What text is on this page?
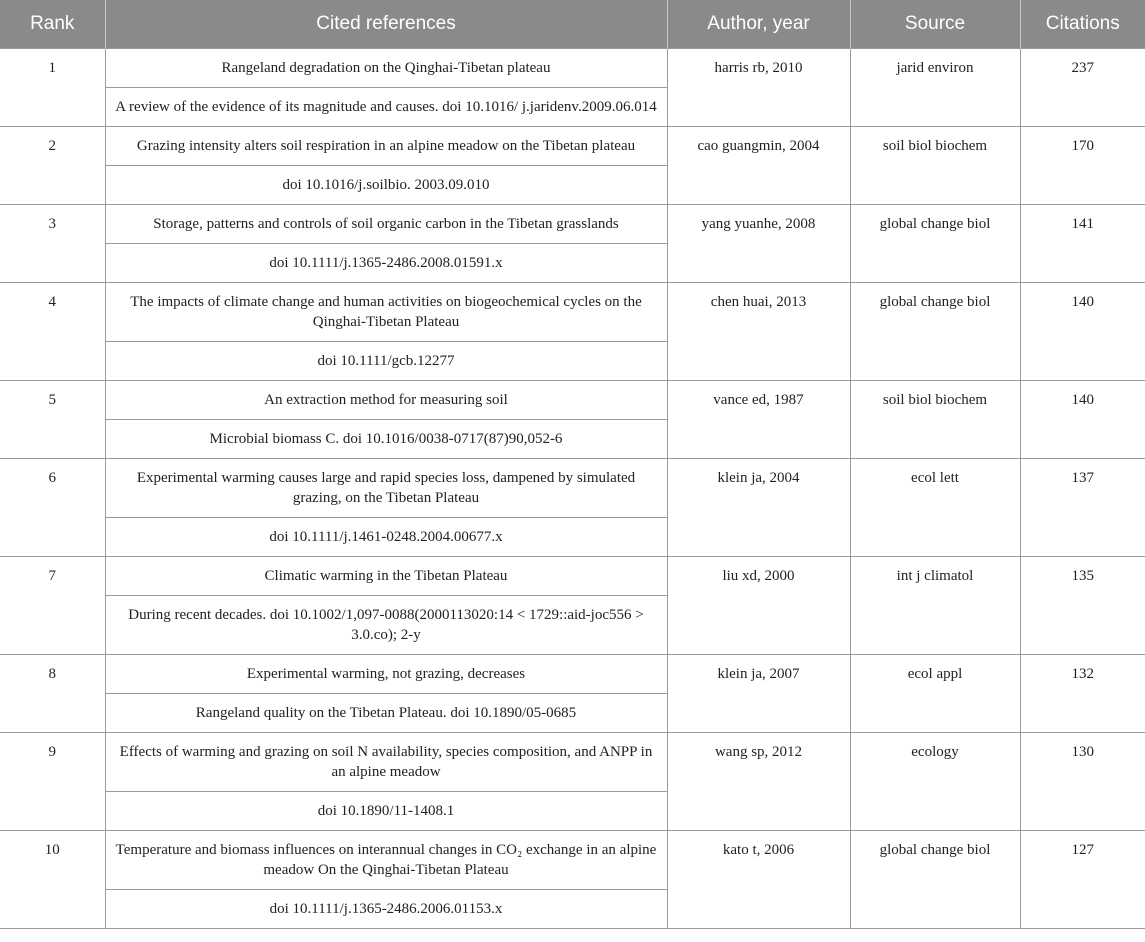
Rank	Cited references	Author, year	Source	Citations
1	Rangeland degradation on the Qinghai-Tibetan plateau	harris rb, 2010	jarid environ	237
	A review of the evidence of its magnitude and causes. doi 10.1016/ j.jaridenv.2009.06.014			
2	Grazing intensity alters soil respiration in an alpine meadow on the Tibetan plateau	cao guangmin, 2004	soil biol biochem	170
	doi 10.1016/j.soilbio. 2003.09.010			
3	Storage, patterns and controls of soil organic carbon in the Tibetan grasslands	yang yuanhe, 2008	global change biol	141
	doi 10.1111/j.1365-2486.2008.01591.x			
4	The impacts of climate change and human activities on biogeochemical cycles on the Qinghai-Tibetan Plateau	chen huai, 2013	global change biol	140
	doi 10.1111/gcb.12277			
5	An extraction method for measuring soil	vance ed, 1987	soil biol biochem	140
	Microbial biomass C. doi 10.1016/0038-0717(87)90,052-6			
6	Experimental warming causes large and rapid species loss, dampened by simulated grazing, on the Tibetan Plateau	klein ja, 2004	ecol lett	137
	doi 10.1111/j.1461-0248.2004.00677.x			
7	Climatic warming in the Tibetan Plateau	liu xd, 2000	int j climatol	135
	During recent decades. doi 10.1002/1,097-0088(2000113020:14 < 1729::aid-joc556 > 3.0.co); 2-y			
8	Experimental warming, not grazing, decreases	klein ja, 2007	ecol appl	132
	Rangeland quality on the Tibetan Plateau. doi 10.1890/05-0685			
9	Effects of warming and grazing on soil N availability, species composition, and ANPP in an alpine meadow	wang sp, 2012	ecology	130
	doi 10.1890/11-1408.1			
10	Temperature and biomass influences on interannual changes in CO₂ exchange in an alpine meadow On the Qinghai-Tibetan Plateau	kato t, 2006	global change biol	127
	doi 10.1111/j.1365-2486.2006.01153.x			
